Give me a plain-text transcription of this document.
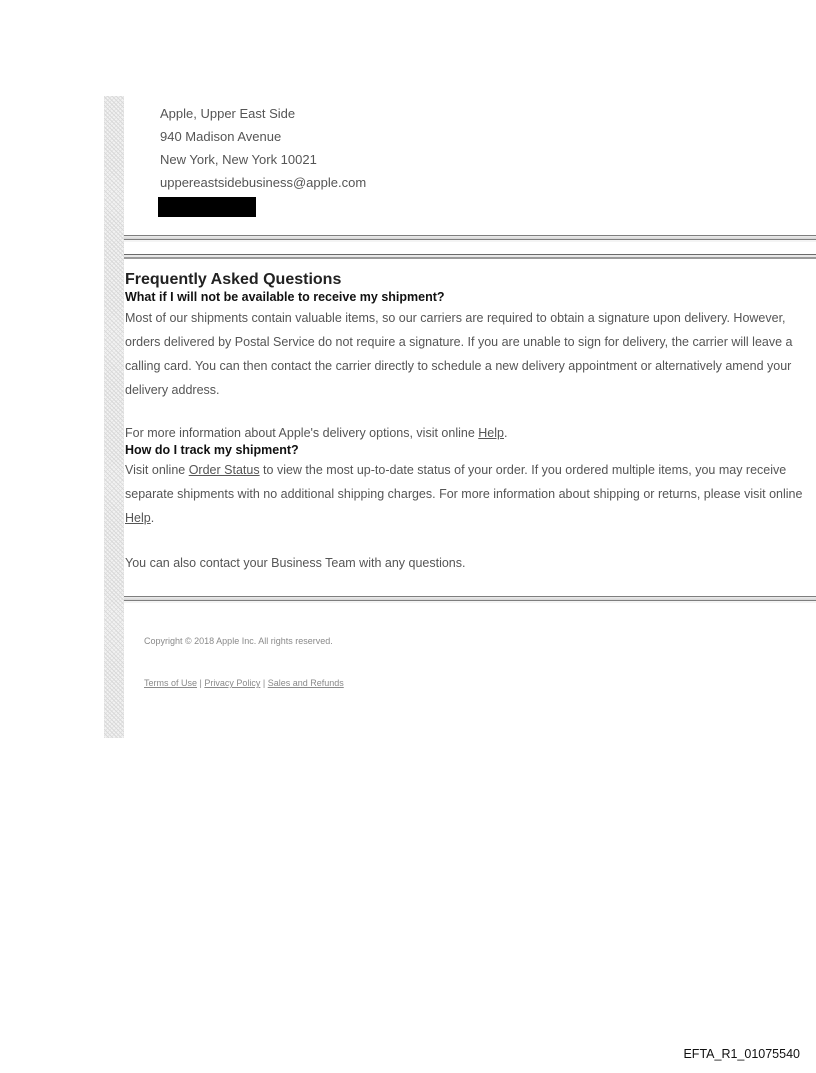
Apple, Upper East Side
940 Madison Avenue
New York, New York 10021
uppereastsidebusiness@apple.com
Frequently Asked Questions
What if I will not be available to receive my shipment?

Most of our shipments contain valuable items, so our carriers are required to obtain a signature upon delivery. However, orders delivered by Postal Service do not require a signature. If you are unable to sign for delivery, the carrier will leave a calling card. You can then contact the carrier directly to schedule a new delivery appointment or alternatively amend your delivery address.

For more information about Apple's delivery options, visit online Help.

How do I track my shipment?

Visit online Order Status to view the most up-to-date status of your order. If you ordered multiple items, you may receive separate shipments with no additional shipping charges. For more information about shipping or returns, please visit online Help.

You can also contact your Business Team with any questions.

Copyright © 2018 Apple Inc. All rights reserved.
Terms of Use | Privacy Policy | Sales and Refunds
EFTA_R1_01075540
